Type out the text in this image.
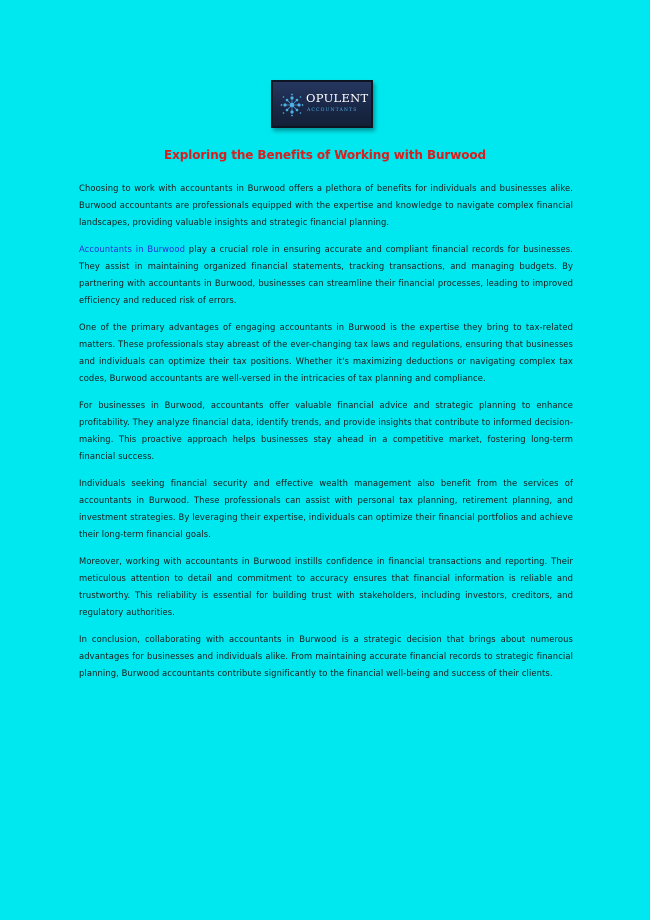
OPULENT
ACCOUNTANTS
Exploring the Benefits of Working with Burwood

Choosing to work with accountants in Burwood offers a plethora of benefits for individuals and businesses alike. Burwood accountants are professionals equipped with the expertise and knowledge to navigate complex financial landscapes, providing valuable insights and strategic financial planning.

Accountants in Burwood play a crucial role in ensuring accurate and compliant financial records for businesses. They assist in maintaining organized financial statements, tracking transactions, and managing budgets. By partnering with accountants in Burwood, businesses can streamline their financial processes, leading to improved efficiency and reduced risk of errors.

One of the primary advantages of engaging accountants in Burwood is the expertise they bring to tax-related matters. These professionals stay abreast of the ever-changing tax laws and regulations, ensuring that businesses and individuals can optimize their tax positions. Whether it's maximizing deductions or navigating complex tax codes, Burwood accountants are well-versed in the intricacies of tax planning and compliance.

For businesses in Burwood, accountants offer valuable financial advice and strategic planning to enhance profitability. They analyze financial data, identify trends, and provide insights that contribute to informed decision-making. This proactive approach helps businesses stay ahead in a competitive market, fostering long-term financial success.

Individuals seeking financial security and effective wealth management also benefit from the services of accountants in Burwood. These professionals can assist with personal tax planning, retirement planning, and investment strategies. By leveraging their expertise, individuals can optimize their financial portfolios and achieve their long-term financial goals.

Moreover, working with accountants in Burwood instills confidence in financial transactions and reporting. Their meticulous attention to detail and commitment to accuracy ensures that financial information is reliable and trustworthy. This reliability is essential for building trust with stakeholders, including investors, creditors, and regulatory authorities.

In conclusion, collaborating with accountants in Burwood is a strategic decision that brings about numerous advantages for businesses and individuals alike. From maintaining accurate financial records to strategic financial planning, Burwood accountants contribute significantly to the financial well-being and success of their clients.
